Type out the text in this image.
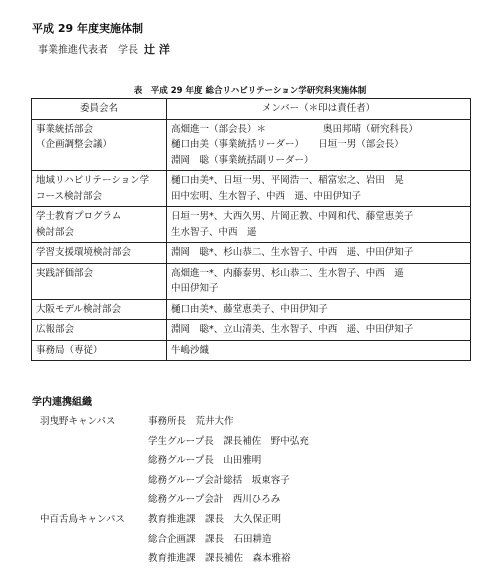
平成 29 年度実施体制
事業推進代表者　学長 辻 洋
表　平成 29 年度 総合リハビリテーション学研究科実施体制
委員会名	メンバー（＊印は責任者）

事業統括部会
（企画調整会議）	高畑進一（部会長）＊　　　　　　奥田邦晴（研究科長）
樋口由美（事業統括リーダー）　　日垣一男（部会長）
淵岡　聡（事業統括副リーダー）

地域リハビリテーション学
コース検討部会	樋口由美*、日垣一男、平岡浩一、稲富宏之、岩田　晃
田中宏明、生水智子、中西　遥、中田伊知子

学士教育プログラム
検討部会	日垣一男*、大西久男、片岡正教、中岡和代、藤堂恵美子
生水智子、中西　遥

学習支援環境検討部会	淵岡　聡*、杉山恭二、生水智子、中西　遥、中田伊知子

実践評価部会	高畑進一*、内藤泰男、杉山恭二、生水智子、中西　遥
中田伊知子

大阪モデル検討部会	樋口由美*、藤堂恵美子、中田伊知子

広報部会	淵岡　聡*、立山清美、生水智子、中西　遥、中田伊知子

事務局（専従）	牛嶋沙織
学内連携組織
羽曳野キャンパス	事務所長　荒井大作
学生グループ長　課長補佐　野中弘充
総務グループ長　山田雅明
総務グループ会計総括　坂東容子
総務グループ会計　西川ひろみ
中百舌鳥キャンパス 教育推進課　課長　大久保正明
総合企画課　課長　石田耕造
教育推進課　課長補佐　森本雅裕
